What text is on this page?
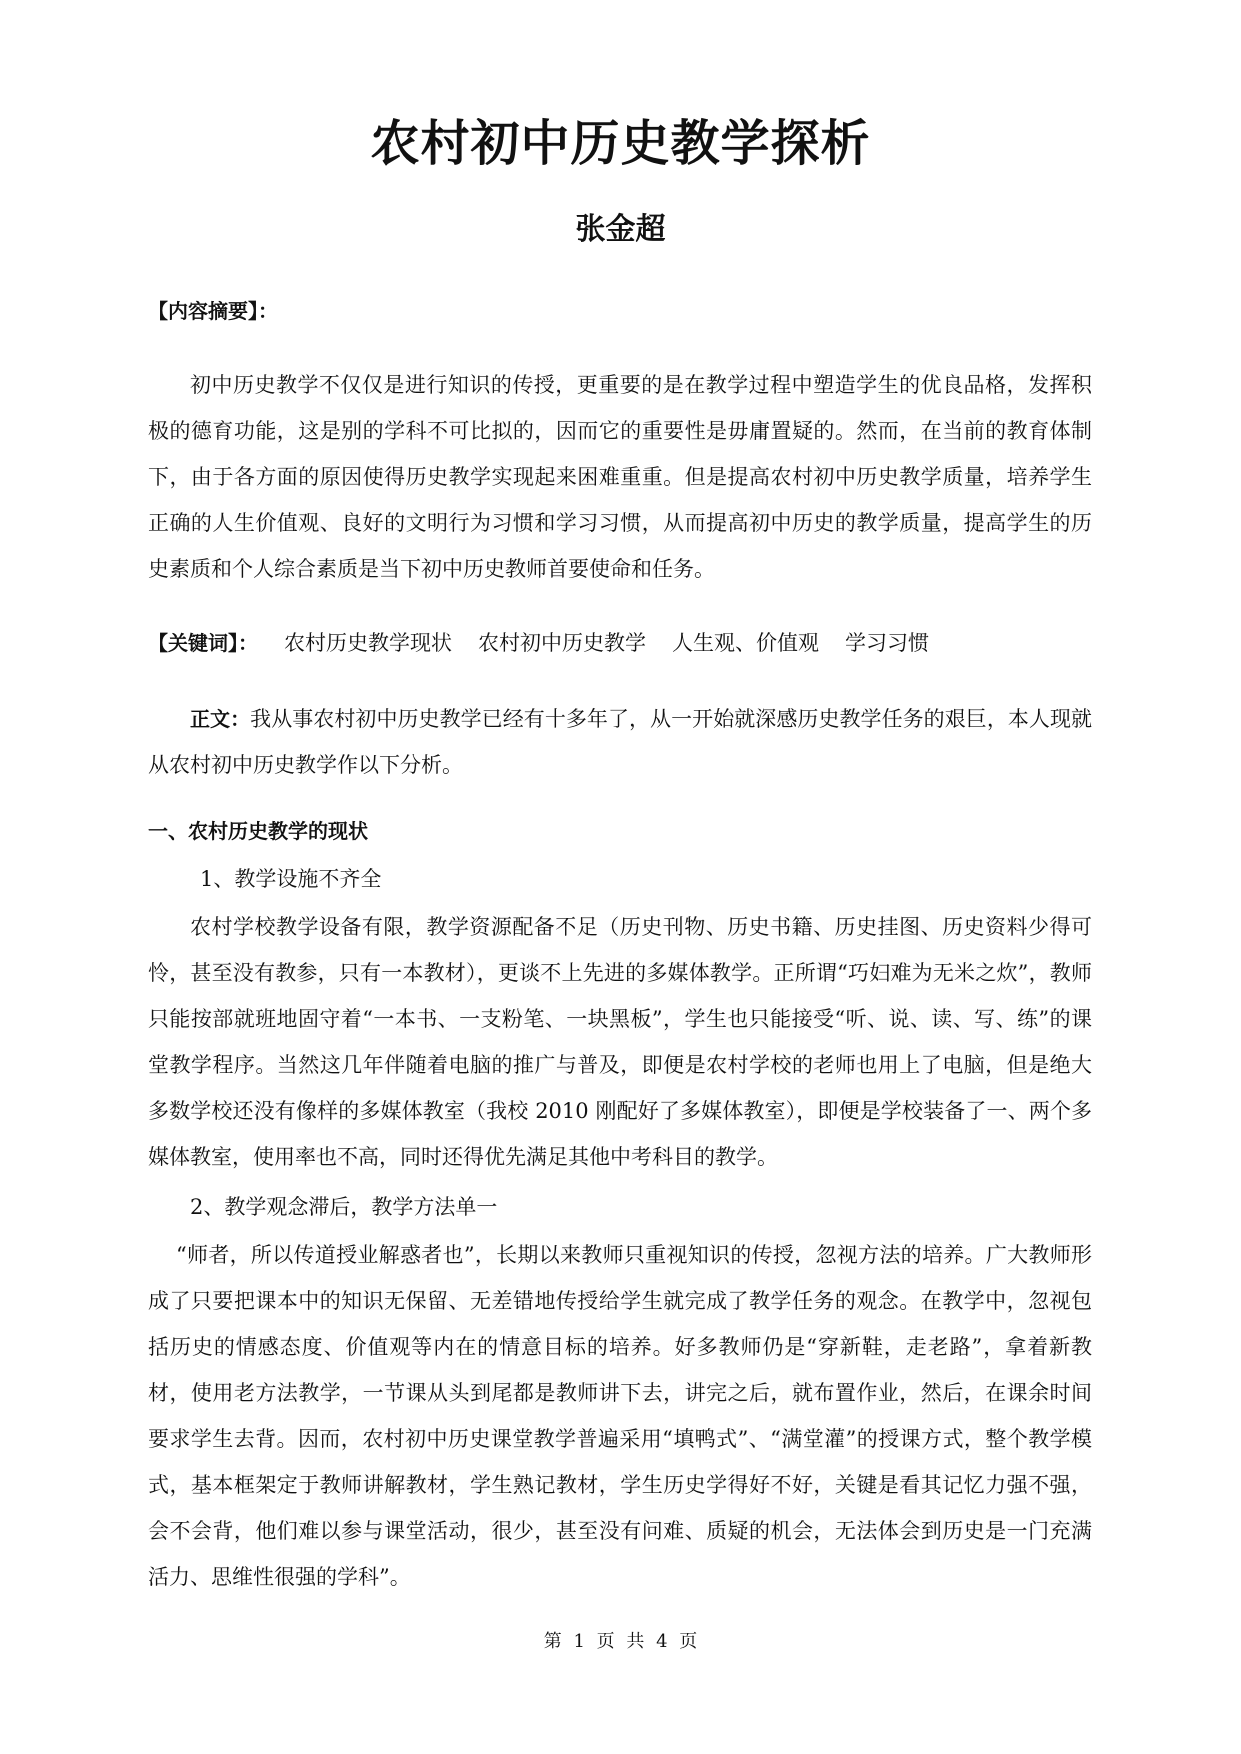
农村初中历史教学探析
张金超
【内容摘要】：

初中历史教学不仅仅是进行知识的传授，更重要的是在教学过程中塑造学生的优良品格，发挥积极的德育功能，这是别的学科不可比拟的，因而它的重要性是毋庸置疑的。然而，在当前的教育体制下，由于各方面的原因使得历史教学实现起来困难重重。但是提高农村初中历史教学质量，培养学生正确的人生价值观、良好的文明行为习惯和学习习惯，从而提高初中历史的教学质量，提高学生的历史素质和个人综合素质是当下初中历史教师首要使命和任务。

【关键词】： 农村历史教学现状 农村初中历史教学 人生观、价值观 学习习惯

正文：我从事农村初中历史教学已经有十多年了，从一开始就深感历史教学任务的艰巨，本人现就从农村初中历史教学作以下分析。

一、农村历史教学的现状
1、教学设施不齐全

农村学校教学设备有限，教学资源配备不足（历史刊物、历史书籍、历史挂图、历史资料少得可怜，甚至没有教参，只有一本教材），更谈不上先进的多媒体教学。正所谓“巧妇难为无米之炊”，教师只能按部就班地固守着“一本书、一支粉笔、一块黑板”，学生也只能接受“听、说、读、写、练”的课堂教学程序。当然这几年伴随着电脑的推广与普及，即便是农村学校的老师也用上了电脑，但是绝大多数学校还没有像样的多媒体教室（我校 2010 刚配好了多媒体教室），即便是学校装备了一、两个多媒体教室，使用率也不高，同时还得优先满足其他中考科目的教学。

2、教学观念滞后，教学方法单一

“师者，所以传道授业解惑者也”，长期以来教师只重视知识的传授，忽视方法的培养。广大教师形成了只要把课本中的知识无保留、无差错地传授给学生就完成了教学任务的观念。在教学中，忽视包括历史的情感态度、价值观等内在的情意目标的培养。好多教师仍是“穿新鞋，走老路”，拿着新教材，使用老方法教学，一节课从头到尾都是教师讲下去，讲完之后，就布置作业，然后，在课余时间要求学生去背。因而，农村初中历史课堂教学普遍采用“填鸭式”、“满堂灌”的授课方式，整个教学模式，基本框架定于教师讲解教材，学生熟记教材，学生历史学得好不好，关键是看其记忆力强不强，会不会背，他们难以参与课堂活动，很少，甚至没有问难、质疑的机会，无法体会到历史是一门充满活力、思维性很强的学科”。

第 1 页 共 4 页
